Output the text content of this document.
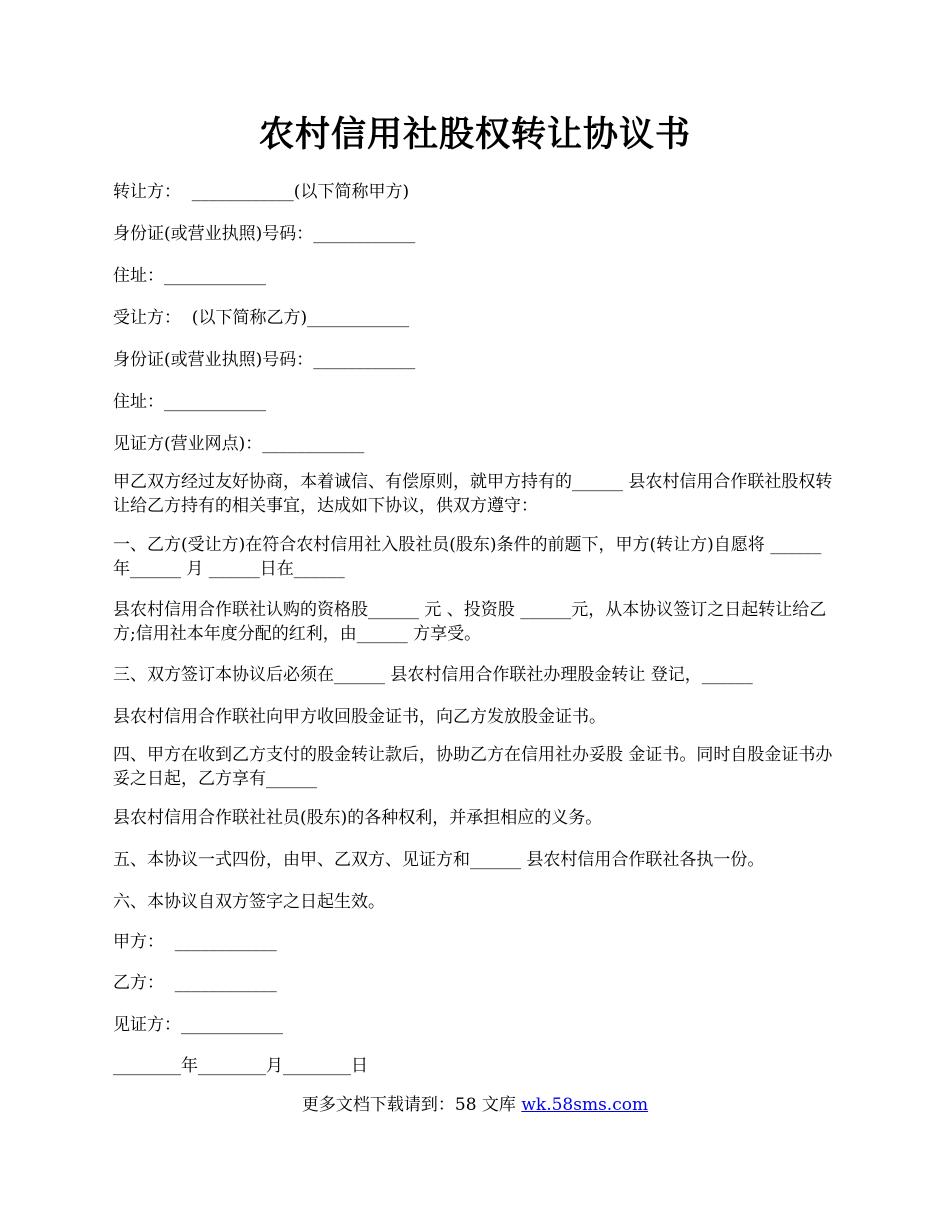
农村信用社股权转让协议书
转让方：  ____________(以下简称甲方)
身份证(或营业执照)号码：____________
住址：____________
受让方：  (以下简称乙方)____________
身份证(或营业执照)号码：____________
住址：____________
见证方(营业网点)：____________
甲乙双方经过友好协商，本着诚信、有偿原则，就甲方持有的______ 县农村信用合作联社股权转让给乙方持有的相关事宜，达成如下协议，供双方遵守：
一、乙方(受让方)在符合农村信用社入股社员(股东)条件的前题下，甲方(转让方)自愿将 ______年______ 月 ______日在______
县农村信用合作联社认购的资格股______ 元 、投资股 ______元，从本协议签订之日起转让给乙方;信用社本年度分配的红利，由______ 方享受。
三、双方签订本协议后必须在______ 县农村信用合作联社办理股金转让 登记，______
县农村信用合作联社向甲方收回股金证书，向乙方发放股金证书。
四、甲方在收到乙方支付的股金转让款后，协助乙方在信用社办妥股 金证书。同时自股金证书办妥之日起，乙方享有______
县农村信用合作联社社员(股东)的各种权利，并承担相应的义务。
五、本协议一式四份，由甲、乙双方、见证方和______ 县农村信用合作联社各执一份。
六、本协议自双方签字之日起生效。
甲方：  ____________
乙方：  ____________
见证方：____________
________年________月________日
更多文档下载请到：58 文库 wk.58sms.com
